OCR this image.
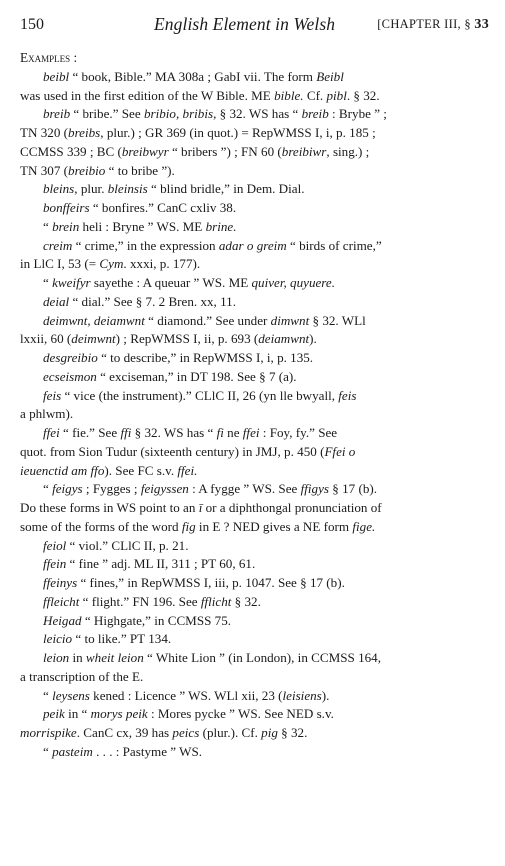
150	English Element in Welsh	[CHAPTER III, § 33

Examples :

beibl “ book, Bible.” MA 308a ; GabI vii. The form Beibl

was used in the first edition of the W Bible. ME bible. Cf. pibl. § 32.

breib “ bribe.” See bribio, bribis, § 32. WS has “ breib : Brybe ” ;

TN 320 (breibs, plur.) ; GR 369 (in quot.) = RepWMSS I, i, p. 185 ;

CCMSS 339 ; BC (breibwyr “ bribers ”) ; FN 60 (breibiwr, sing.) ;

TN 307 (breibio “ to bribe ”).

bleins, plur. bleinsis “ blind bridle,” in Dem. Dial.

bonffeirs “ bonfires.” CanC cxliv 38.

“ brein heli : Bryne ” WS. ME brine.

creim “ crime,” in the expression adar o greim “ birds of crime,”

in LlC I, 53 (= Cym. xxxi, p. 177).

“ kweifyr sayethe : A queuar ” WS. ME quiver, quyuere.

deial “ dial.” See § 7. 2 Bren. xx, 11.

deimwnt, deiamwnt “ diamond.” See under dimwnt § 32. WLl

lxxii, 60 (deimwnt) ; RepWMSS I, ii, p. 693 (deiamwnt).

desgreibio “ to describe,” in RepWMSS I, i, p. 135.

ecseismon “ exciseman,” in DT 198. See § 7 (a).

feis “ vice (the instrument).” CLlC II, 26 (yn lle bwyall, feis

a phlwm).

ffei “ fie.” See ffi § 32. WS has “ fi ne ffei : Foy, fy.” See

quot. from Sion Tudur (sixteenth century) in JMJ, p. 450 (Ffei o

ieuenctid am ffo). See FC s.v. ffei.

“ feigys ; Fygges ; feigyssen : A fygge ” WS. See ffigys § 17 (b).

Do these forms in WS point to an ī or a diphthongal pronunciation of

some of the forms of the word fig in E ? NED gives a NE form fige.

feiol “ viol.” CLlC II, p. 21.

ffein “ fine ” adj. ML II, 311 ; PT 60, 61.

ffeinys “ fines,” in RepWMSS I, iii, p. 1047. See § 17 (b).

ffleicht “ flight.” FN 196. See fflicht § 32.

Heigad “ Highgate,” in CCMSS 75.

leicio “ to like.” PT 134.

leion in wheit leion “ White Lion ” (in London), in CCMSS 164,

a transcription of the E.

“ leysens kened : Licence ” WS. WLl xii, 23 (leisiens).

peik in “ morys peik : Mores pycke ” WS. See NED s.v.

morrispike. CanC cx, 39 has peics (plur.). Cf. pig § 32.

“ pasteim . . . : Pastyme ” WS.
